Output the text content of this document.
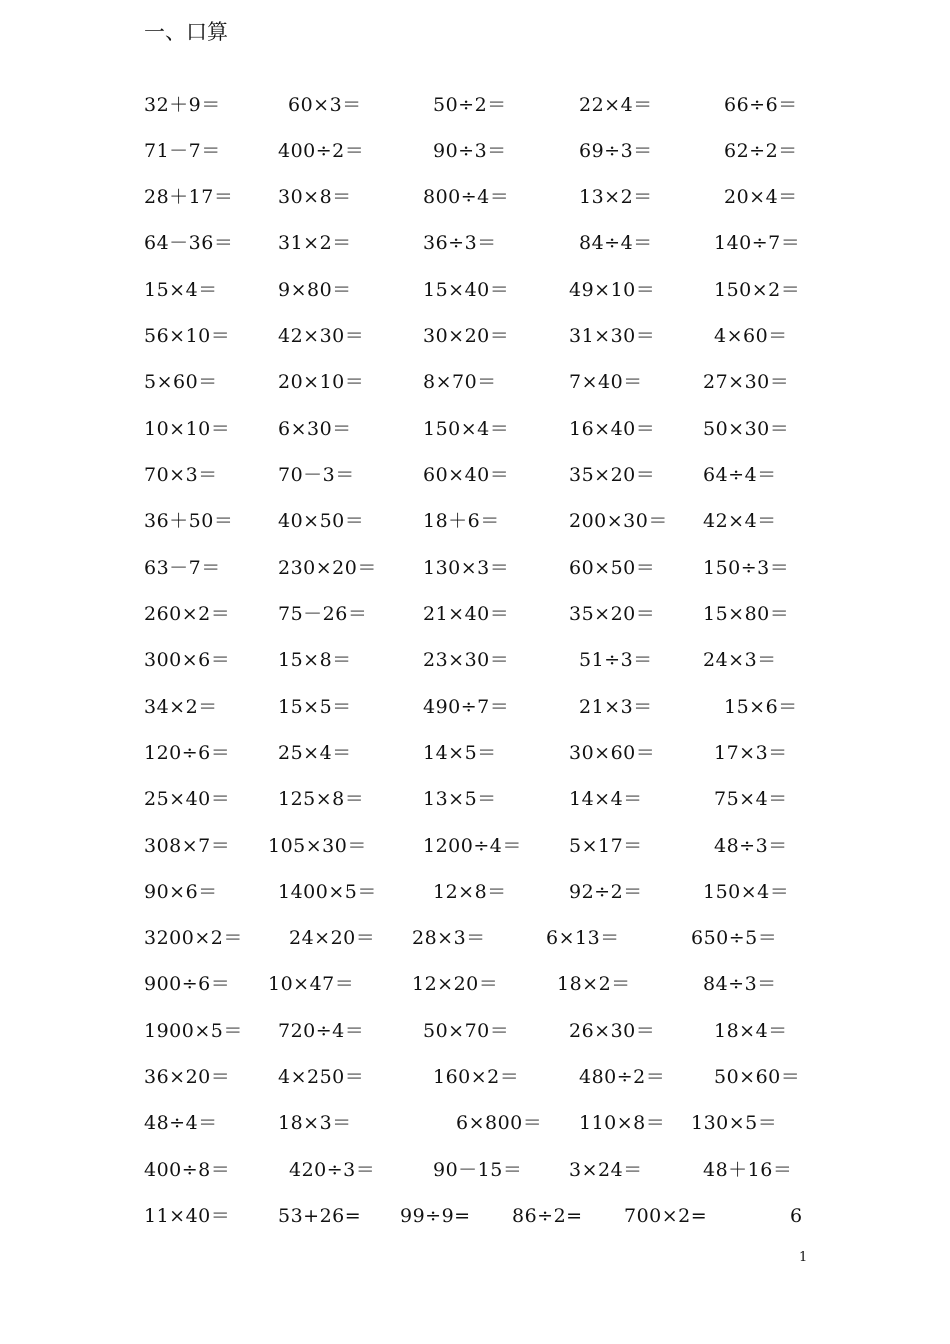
一、口算
32＋9＝	60×3＝	50÷2＝	22×4＝	66÷6＝
71－7＝	400÷2＝	90÷3＝	69÷3＝	62÷2＝
28＋17＝ 30×8＝	800÷4＝	13×2＝	20×4＝
64－36＝ 31×2＝	36÷3＝	84÷4＝	140÷7＝
15×4＝	9×80＝	15×40＝	49×10＝	150×2＝
56×10＝	42×30＝	30×20＝	31×30＝	4×60＝
5×60＝	20×10＝	8×70＝	7×40＝	27×30＝
10×10＝	6×30＝	150×4＝	16×40＝	50×30＝
70×3＝	70－3＝	60×40＝	35×20＝	64÷4＝
36＋50＝ 40×50＝	18＋6＝	200×30＝ 42×4＝
63－7＝	230×20＝ 130×3＝	60×50＝	150÷3＝
260×2＝	75－26＝	21×40＝	35×20＝	15×80＝
300×6＝	15×8＝	23×30＝	51÷3＝	24×3＝
34×2＝	15×5＝	490÷7＝	21×3＝	15×6＝
120÷6＝	25×4＝	14×5＝	30×60＝	17×3＝
25×40＝	125×8＝	13×5＝	14×4＝	75×4＝
308×7＝ 105×30＝	1200÷4＝ 5×17＝	48÷3＝
90×6＝	1400×5＝	12×8＝	92÷2＝	150×4＝
3200×2＝ 24×20＝ 28×3＝	6×13＝	650÷5＝
900÷6＝ 10×47＝	12×20＝	18×2＝	84÷3＝
1900×5＝ 720÷4＝	50×70＝	26×30＝	18×4＝
36×20＝	4×250＝	160×2＝	480÷2＝	50×60＝
48÷4＝	18×3＝	6×800＝ 110×8＝ 130×5＝
400÷8＝	420÷3＝	90－15＝ 3×24＝	48＋16＝
11×40＝	53+26= 99÷9= 86÷2= 700×2=	6
1
